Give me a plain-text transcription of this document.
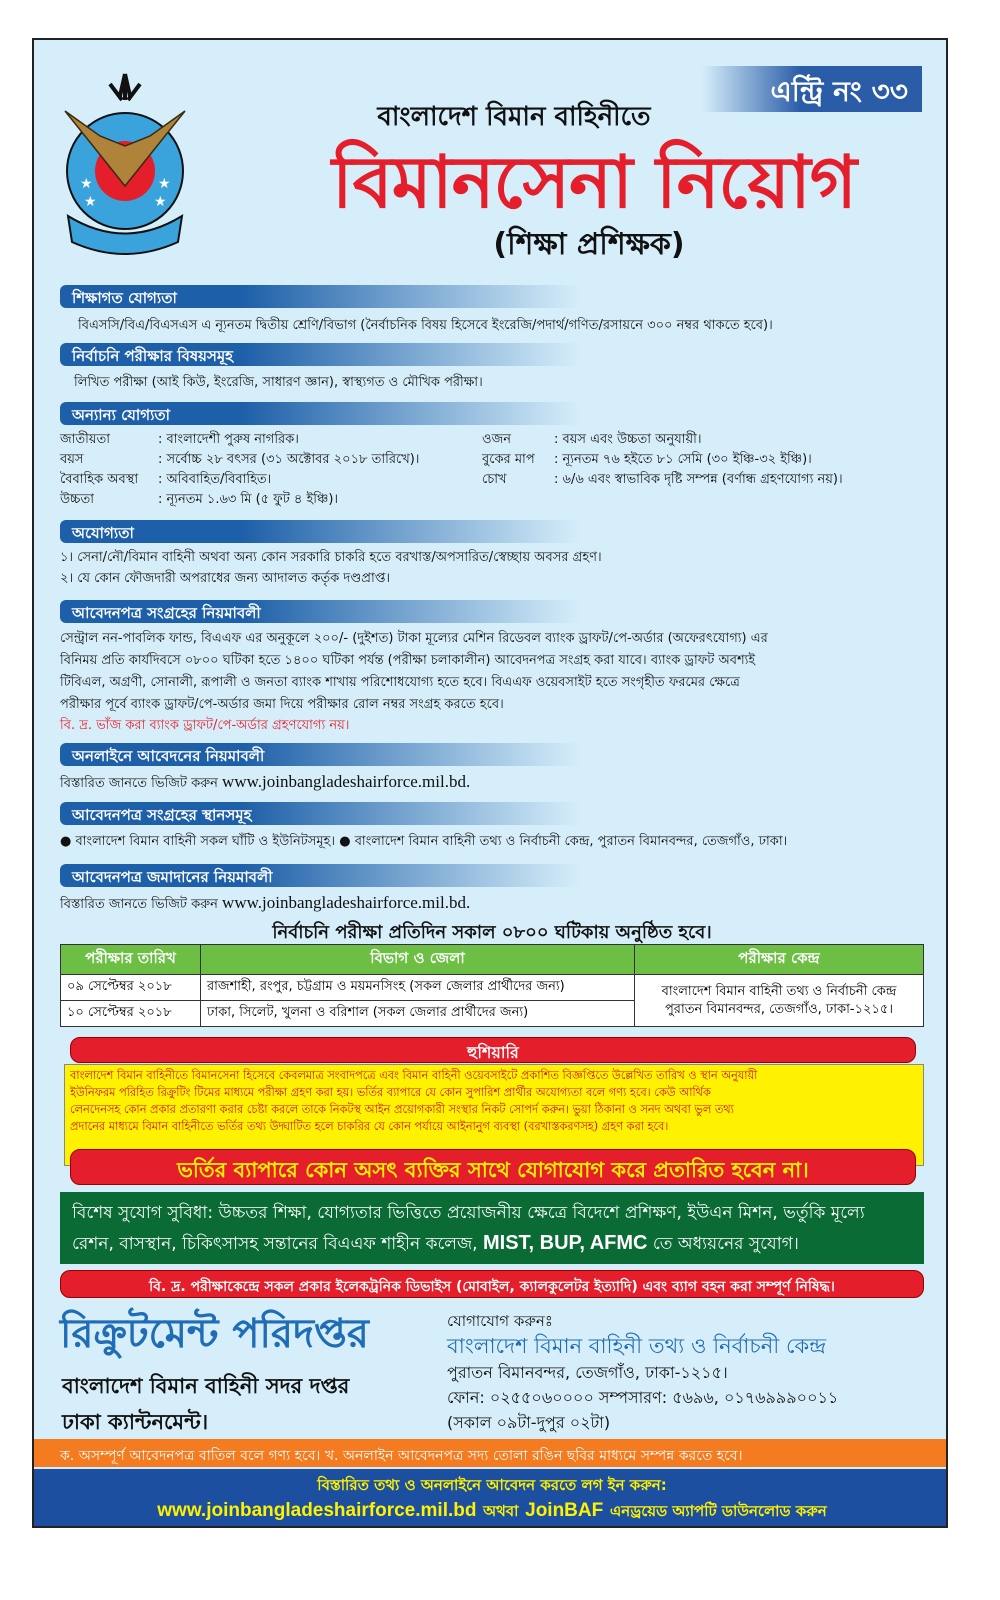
★	★
★	★
এন্ট্রি নং ৩৩
বাংলাদেশ বিমান বাহিনীতে
বিমানসেনা নিয়োগ
(শিক্ষা প্রশিক্ষক)
শিক্ষাগত যোগ্যতা
বিএসসি/বিএ/বিএসএস এ ন্যূনতম দ্বিতীয় শ্রেণি/বিভাগ (নৈর্বাচনিক বিষয় হিসেবে ইংরেজি/পদার্থ/গণিত/রসায়নে ৩০০ নম্বর থাকতে হবে)।
নির্বাচনি পরীক্ষার বিষয়সমূহ
লিখিত পরীক্ষা (আই কিউ, ইংরেজি, সাধারণ জ্ঞান), স্বাস্থ্যগত ও মৌখিক পরীক্ষা।
অন্যান্য যোগ্যতা
জাতীয়তা	: বাংলাদেশী পুরুষ নাগরিক।
বয়স	: সর্বোচ্চ ২৮ বৎসর (৩১ অক্টোবর ২০১৮ তারিখে)।
বৈবাহিক অবস্থা : অবিবাহিত/বিবাহিত।
উচ্চতা	: ন্যূনতম ১.৬৩ মি (৫ ফুট ৪ ইঞ্চি)।
ওজন	: বয়স এবং উচ্চতা অনুযায়ী।
বুকের মাপ : ন্যূনতম ৭৬ হইতে ৮১ সেমি (৩০ ইঞ্চি-৩২ ইঞ্চি)।
চোখ	: ৬/৬ এবং স্বাভাবিক দৃষ্টি সম্পন্ন (বর্ণান্ধ গ্রহণযোগ্য নয়)।
অযোগ্যতা
১। সেনা/নৌ/বিমান বাহিনী অথবা অন্য কোন সরকারি চাকরি হতে বরখাস্ত/অপসারিত/স্বেচ্ছায় অবসর গ্রহণ।
২। যে কোন ফৌজদারী অপরাধের জন্য আদালত কর্তৃক দণ্ডপ্রাপ্ত।
আবেদনপত্র সংগ্রহের নিয়মাবলী
সেন্ট্রাল নন-পাবলিক ফান্ড, বিএএফ এর অনুকূলে ২০০/- (দুইশত) টাকা মূল্যের মেশিন রিডেবল ব্যাংক ড্রাফট/পে-অর্ডার (অফেরৎযোগ্য) এর
বিনিময় প্রতি কার্যদিবসে ০৮০০ ঘটিকা হতে ১৪০০ ঘটিকা পর্যন্ত (পরীক্ষা চলাকালীন) আবেদনপত্র সংগ্রহ করা যাবে। ব্যাংক ড্রাফট অবশ্যই
টিবিএল, অগ্রণী, সোনালী, রূপালী ও জনতা ব্যাংক শাখায় পরিশোধযোগ্য হতে হবে। বিএএফ ওয়েবসাইট হতে সংগৃহীত ফরমের ক্ষেত্রে
পরীক্ষার পূর্বে ব্যাংক ড্রাফট/পে-অর্ডার জমা দিয়ে পরীক্ষার রোল নম্বর সংগ্রহ করতে হবে।
বি. দ্র. ভাঁজ করা ব্যাংক ড্রাফট/পে-অর্ডার গ্রহণযোগ্য নয়।
অনলাইনে আবেদনের নিয়মাবলী
বিস্তারিত জানতে ভিজিট করুন www.joinbangladeshairforce.mil.bd.
আবেদনপত্র সংগ্রহের স্থানসমূহ
● বাংলাদেশ বিমান বাহিনী সকল ঘাঁটি ও ইউনিটসমূহ। ● বাংলাদেশ বিমান বাহিনী তথ্য ও নির্বাচনী কেন্দ্র, পুরাতন বিমানবন্দর, তেজগাঁও, ঢাকা।
আবেদনপত্র জমাদানের নিয়মাবলী
বিস্তারিত জানতে ভিজিট করুন www.joinbangladeshairforce.mil.bd.
নির্বাচনি পরীক্ষা প্রতিদিন সকাল ০৮০০ ঘটিকায় অনুষ্ঠিত হবে।
পরীক্ষার তারিখ	বিভাগ ও জেলা	পরীক্ষার কেন্দ্র
০৯ সেপ্টেম্বর ২০১৮	রাজশাহী, রংপুর, চট্টগ্রাম ও ময়মনসিংহ (সকল জেলার প্রার্থীদের জন্য)	বাংলাদেশ বিমান বাহিনী তথ্য ও নির্বাচনী কেন্দ্র
পুরাতন বিমানবন্দর, তেজগাঁও, ঢাকা-১২১৫।

১০ সেপ্টেম্বর ২০১৮	ঢাকা, সিলেট, খুলনা ও বরিশাল (সকল জেলার প্রার্থীদের জন্য)	
হুশিয়ারি
বাংলাদেশ বিমান বাহিনীতে বিমানসেনা হিসেবে কেবলমাত্র সংবাদপত্রে এবং বিমান বাহিনী ওয়েবসাইটে প্রকাশিত বিজ্ঞপ্তিতে উল্লেখিত তারিখ ও স্থান অনুযায়ী
ইউনিফরম পরিহিত রিক্রুটিং টিমের মাধ্যমে পরীক্ষা গ্রহণ করা হয়। ভর্তির ব্যাপারে যে কোন সুপারিশ প্রার্থীর অযোগ্যতা বলে গণ্য হবে। কেউ আর্থিক
লেনদেনসহ কোন প্রকার প্রতারণা করার চেষ্টা করলে তাকে নিকটস্থ আইন প্রয়োগকারী সংস্থার নিকট সোপর্দ করুন। ভুয়া ঠিকানা ও সনদ অথবা ভুল তথ্য
প্রদানের মাধ্যমে বিমান বাহিনীতে ভর্তির তথ্য উদ্ঘাটিত হলে চাকরির যে কোন পর্যায়ে আইনানুগ ব্যবস্থা (বরখাস্তকরণসহ) গ্রহণ করা হবে।
ভর্তির ব্যাপারে কোন অসৎ ব্যক্তির সাথে যোগাযোগ করে প্রতারিত হবেন না।
বিশেষ সুযোগ সুবিধা: উচ্চতর শিক্ষা, যোগ্যতার ভিত্তিতে প্রয়োজনীয় ক্ষেত্রে বিদেশে প্রশিক্ষণ, ইউএন মিশন, ভর্তুকি মূল্যে
রেশন, বাসস্থান, চিকিৎসাসহ সন্তানের বিএএফ শাহীন কলেজ, MIST, BUP, AFMC তে অধ্যয়নের সুযোগ।
বি. দ্র. পরীক্ষাকেন্দ্রে সকল প্রকার ইলেকট্রনিক ডিভাইস (মোবাইল, ক্যালকুলেটর ইত্যাদি) এবং ব্যাগ বহন করা সম্পূর্ণ নিষিদ্ধ।
রিক্রুটমেন্ট পরিদপ্তর
বাংলাদেশ বিমান বাহিনী সদর দপ্তর
ঢাকা ক্যান্টনমেন্ট।
যোগাযোগ করুনঃ
বাংলাদেশ বিমান বাহিনী তথ্য ও নির্বাচনী কেন্দ্র
পুরাতন বিমানবন্দর, তেজগাঁও, ঢাকা-১২১৫।
ফোন: ০২৫৫০৬০০০০ সম্পসারণ: ৫৬৯৬, ০১৭৬৯৯৯০০১১
(সকাল ০৯টা-দুপুর ০২টা)
ক. অসম্পূর্ণ আবেদনপত্র বাতিল বলে গণ্য হবে। খ. অনলাইন আবেদনপত্র সদ্য তোলা রঙিন ছবির মাধ্যমে সম্পন্ন করতে হবে।
বিস্তারিত তথ্য ও অনলাইনে আবেদন করতে লগ ইন করুন:
www.joinbangladeshairforce.mil.bd অথবা JoinBAF এনড্রয়েড অ্যাপটি ডাউনলোড করুন
